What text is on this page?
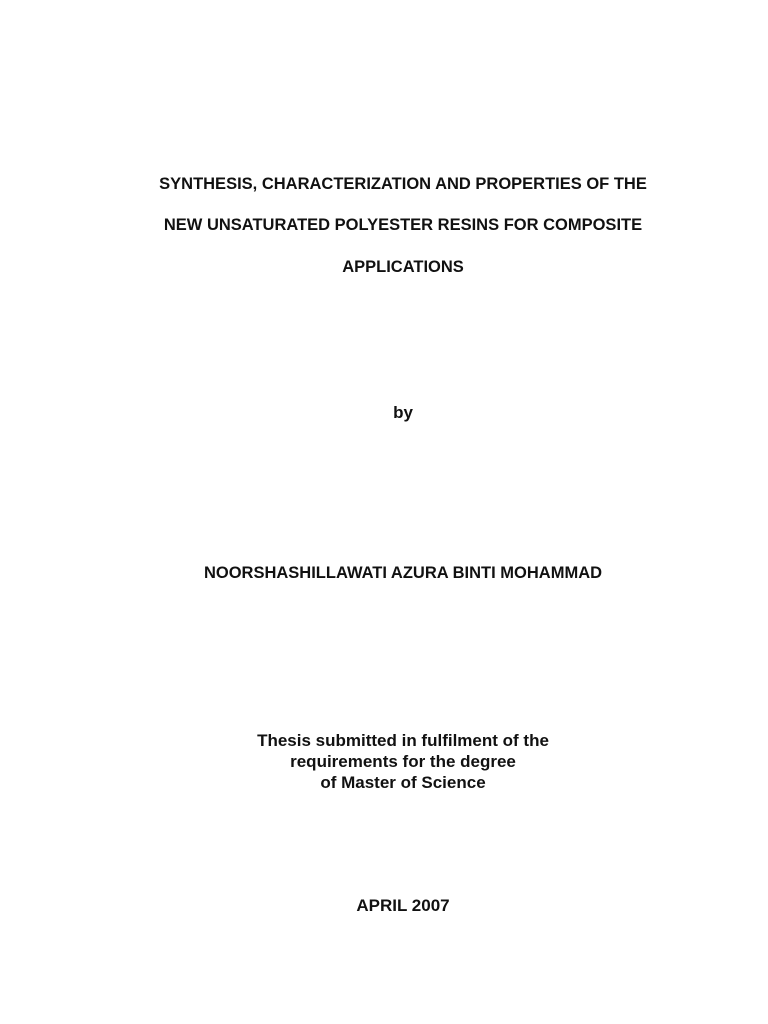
SYNTHESIS, CHARACTERIZATION AND PROPERTIES OF THE
NEW UNSATURATED POLYESTER RESINS FOR COMPOSITE
APPLICATIONS
by
NOORSHASHILLAWATI AZURA BINTI MOHAMMAD
Thesis submitted in fulfilment of the
requirements for the degree
of Master of Science
APRIL 2007
